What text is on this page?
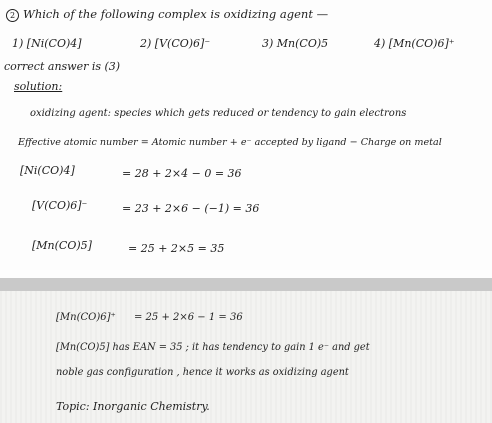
2 Which of the following complex is oxidizing agent —
1) [Ni(CO)4]	2) [V(CO)6]⁻	3) Mn(CO)5	4) [Mn(CO)6]⁺
correct answer is (3)
solution:
oxidizing agent: species which gets reduced or tendency to gain electrons
Effective atomic number = Atomic number + e⁻ accepted by ligand − Charge on metal
[Ni(CO)4]	= 28 + 2×4 − 0 = 36
[V(CO)6]⁻	= 23 + 2×6 − (−1) = 36
[Mn(CO)5]	= 25 + 2×5 = 35
[Mn(CO)6]⁺ = 25 + 2×6 − 1 = 36
[Mn(CO)5] has EAN = 35 ; it has tendency to gain 1 e⁻ and get
noble gas configuration , hence it works as oxidizing agent
Topic: Inorganic Chemistry.
